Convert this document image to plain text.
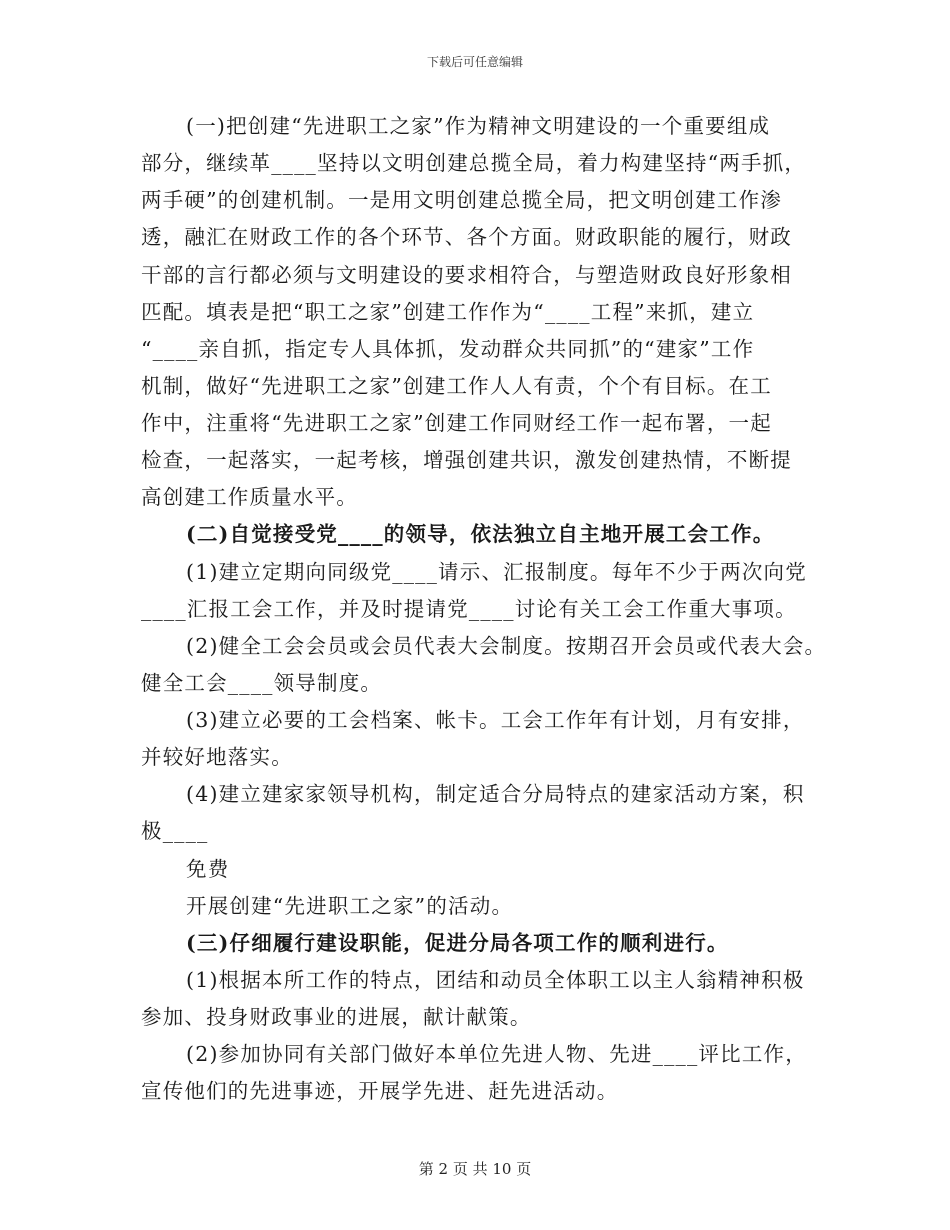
下载后可任意编辑
(一)把创建“先进职工之家”作为精神文明建设的一个重要组成
部分，继续革____坚持以文明创建总揽全局，着力构建坚持“两手抓，
两手硬”的创建机制。一是用文明创建总揽全局，把文明创建工作渗
透，融汇在财政工作的各个环节、各个方面。财政职能的履行，财政
干部的言行都必须与文明建设的要求相符合，与塑造财政良好形象相
匹配。填表是把“职工之家”创建工作作为“____工程”来抓，建立
“____亲自抓，指定专人具体抓，发动群众共同抓”的“建家”工作
机制，做好“先进职工之家”创建工作人人有责，个个有目标。在工
作中，注重将“先进职工之家”创建工作同财经工作一起布署，一起
检查，一起落实，一起考核，增强创建共识，激发创建热情，不断提
高创建工作质量水平。
(二)自觉接受党____的领导，依法独立自主地开展工会工作。
(1)建立定期向同级党____请示、汇报制度。每年不少于两次向党
____汇报工会工作，并及时提请党____讨论有关工会工作重大事项。
(2)健全工会会员或会员代表大会制度。按期召开会员或代表大会。
健全工会____领导制度。
(3)建立必要的工会档案、帐卡。工会工作年有计划，月有安排，
并较好地落实。
(4)建立建家家领导机构，制定适合分局特点的建家活动方案，积
极____
免费
开展创建“先进职工之家”的活动。
(三)仔细履行建设职能，促进分局各项工作的顺利进行。
(1)根据本所工作的特点，团结和动员全体职工以主人翁精神积极
参加、投身财政事业的进展，献计献策。
(2)参加协同有关部门做好本单位先进人物、先进____评比工作，
宣传他们的先进事迹，开展学先进、赶先进活动。
第 2 页 共 10 页
